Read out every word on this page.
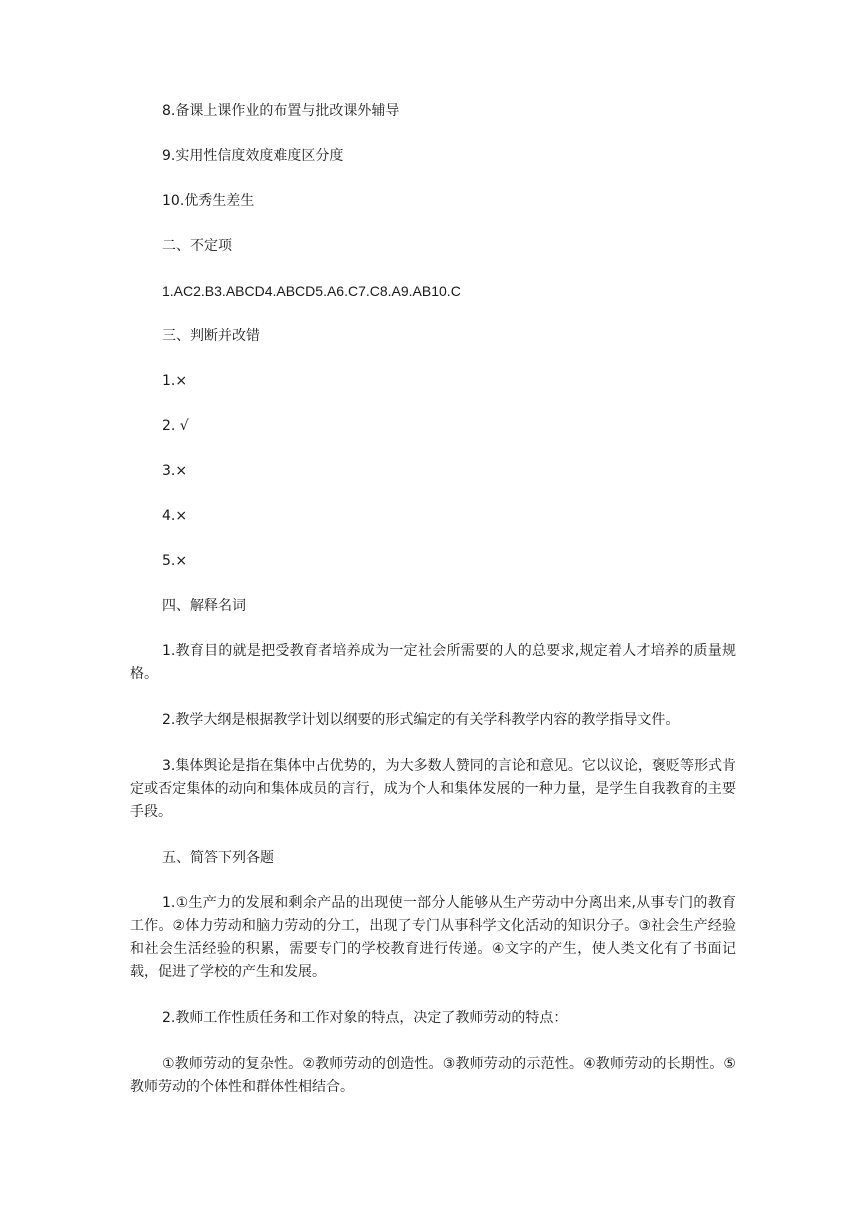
8.备课上课作业的布置与批改课外辅导

9.实用性信度效度难度区分度

10.优秀生差生

二、不定项

1.AC2.B3.ABCD4.ABCD5.A6.C7.C8.A9.AB10.C

三、判断并改错

1.×

2. √

3.×

4.×

5.×

四、解释名词

1.教育目的就是把受教育者培养成为一定社会所需要的人的总要求,规定着人才培养的质量规格。

2.教学大纲是根据教学计划以纲要的形式编定的有关学科教学内容的教学指导文件。

3.集体舆论是指在集体中占优势的，为大多数人赞同的言论和意见。它以议论，褒贬等形式肯定或否定集体的动向和集体成员的言行，成为个人和集体发展的一种力量，是学生自我教育的主要手段。

五、简答下列各题

1.①生产力的发展和剩余产品的出现使一部分人能够从生产劳动中分离出来,从事专门的教育工作。②体力劳动和脑力劳动的分工，出现了专门从事科学文化活动的知识分子。③社会生产经验和社会生活经验的积累，需要专门的学校教育进行传递。④文字的产生，使人类文化有了书面记载，促进了学校的产生和发展。

2.教师工作性质任务和工作对象的特点，决定了教师劳动的特点：

①教师劳动的复杂性。②教师劳动的创造性。③教师劳动的示范性。④教师劳动的长期性。⑤教师劳动的个体性和群体性相结合。
